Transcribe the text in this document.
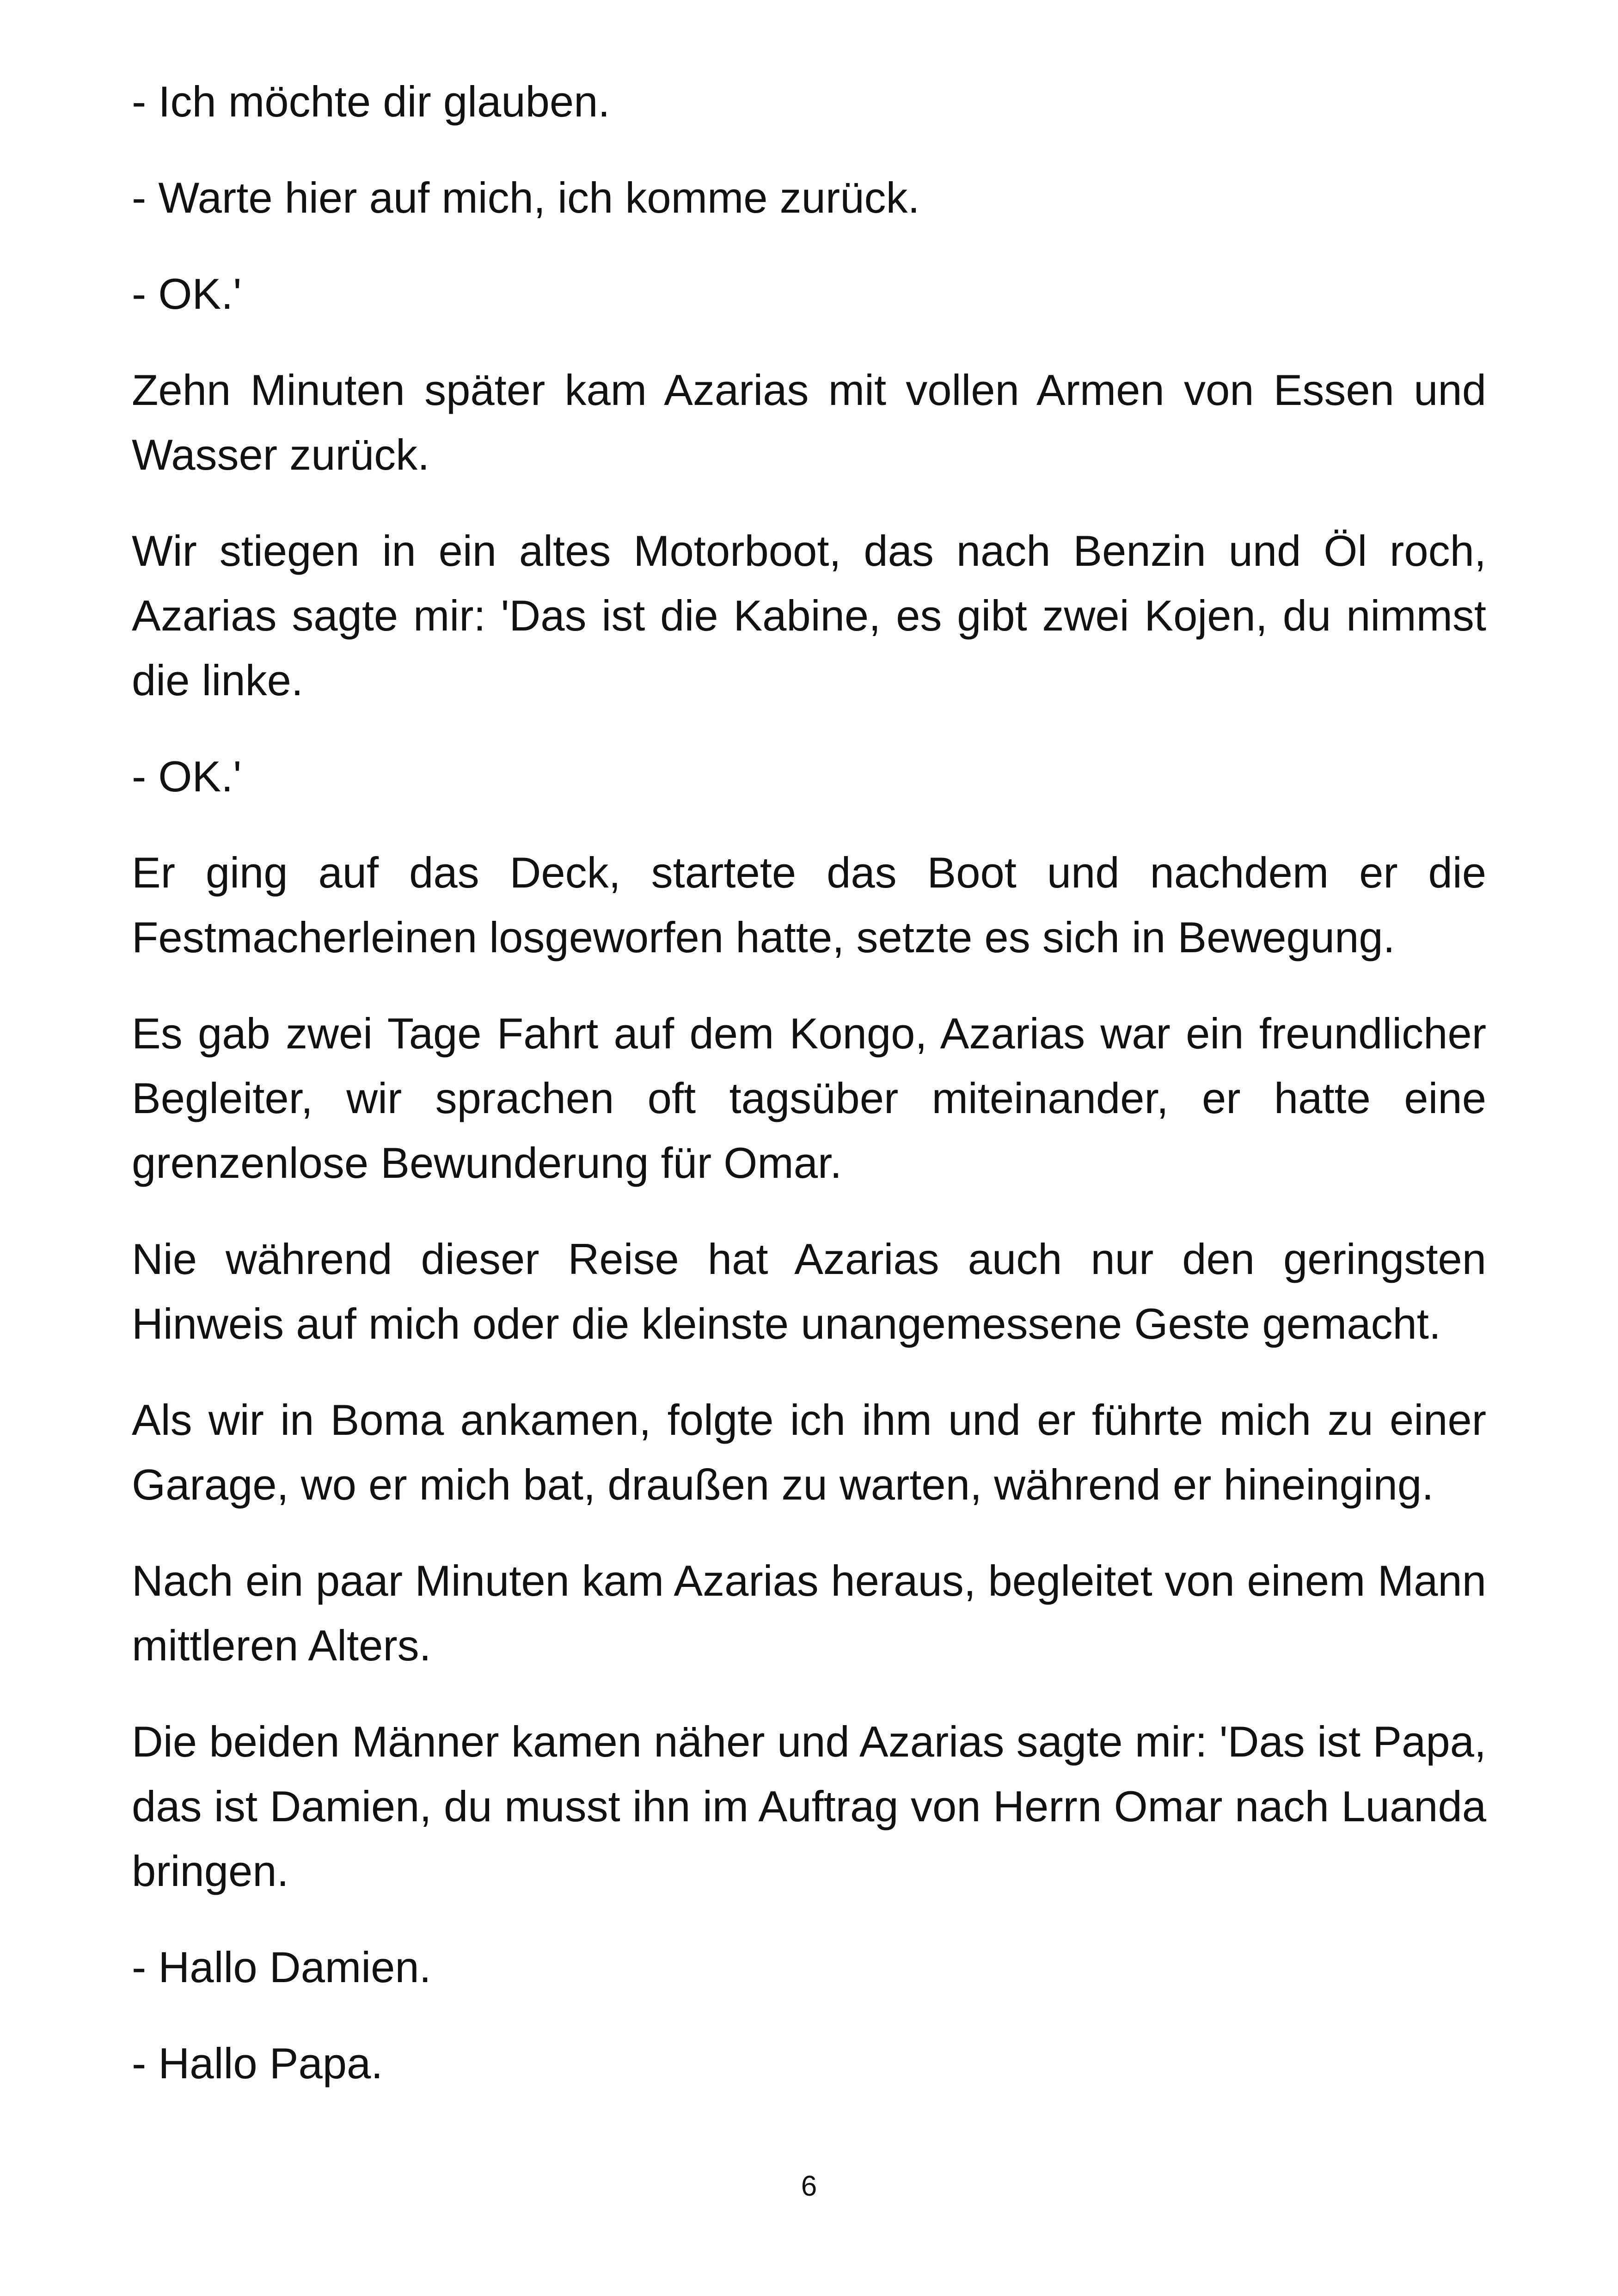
- Ich möchte dir glauben.

- Warte hier auf mich, ich komme zurück.

- OK.'

Zehn Minuten später kam Azarias mit vollen Armen von Essen und Wasser zurück.

Wir stiegen in ein altes Motorboot, das nach Benzin und Öl roch, Azarias sagte mir: 'Das ist die Kabine, es gibt zwei Kojen, du nimmst die linke.

- OK.'

Er ging auf das Deck, startete das Boot und nachdem er die Festmacherleinen losgeworfen hatte, setzte es sich in Bewegung.

Es gab zwei Tage Fahrt auf dem Kongo, Azarias war ein freundlicher Begleiter, wir sprachen oft tagsüber miteinander, er hatte eine grenzenlose Bewunderung für Omar.

Nie während dieser Reise hat Azarias auch nur den geringsten Hinweis auf mich oder die kleinste unangemessene Geste gemacht.

Als wir in Boma ankamen, folgte ich ihm und er führte mich zu einer Garage, wo er mich bat, draußen zu warten, während er hineinging.

Nach ein paar Minuten kam Azarias heraus, begleitet von einem Mann mittleren Alters.

Die beiden Männer kamen näher und Azarias sagte mir: 'Das ist Papa, das ist Damien, du musst ihn im Auftrag von Herrn Omar nach Luanda bringen.

- Hallo Damien.

- Hallo Papa.

6
